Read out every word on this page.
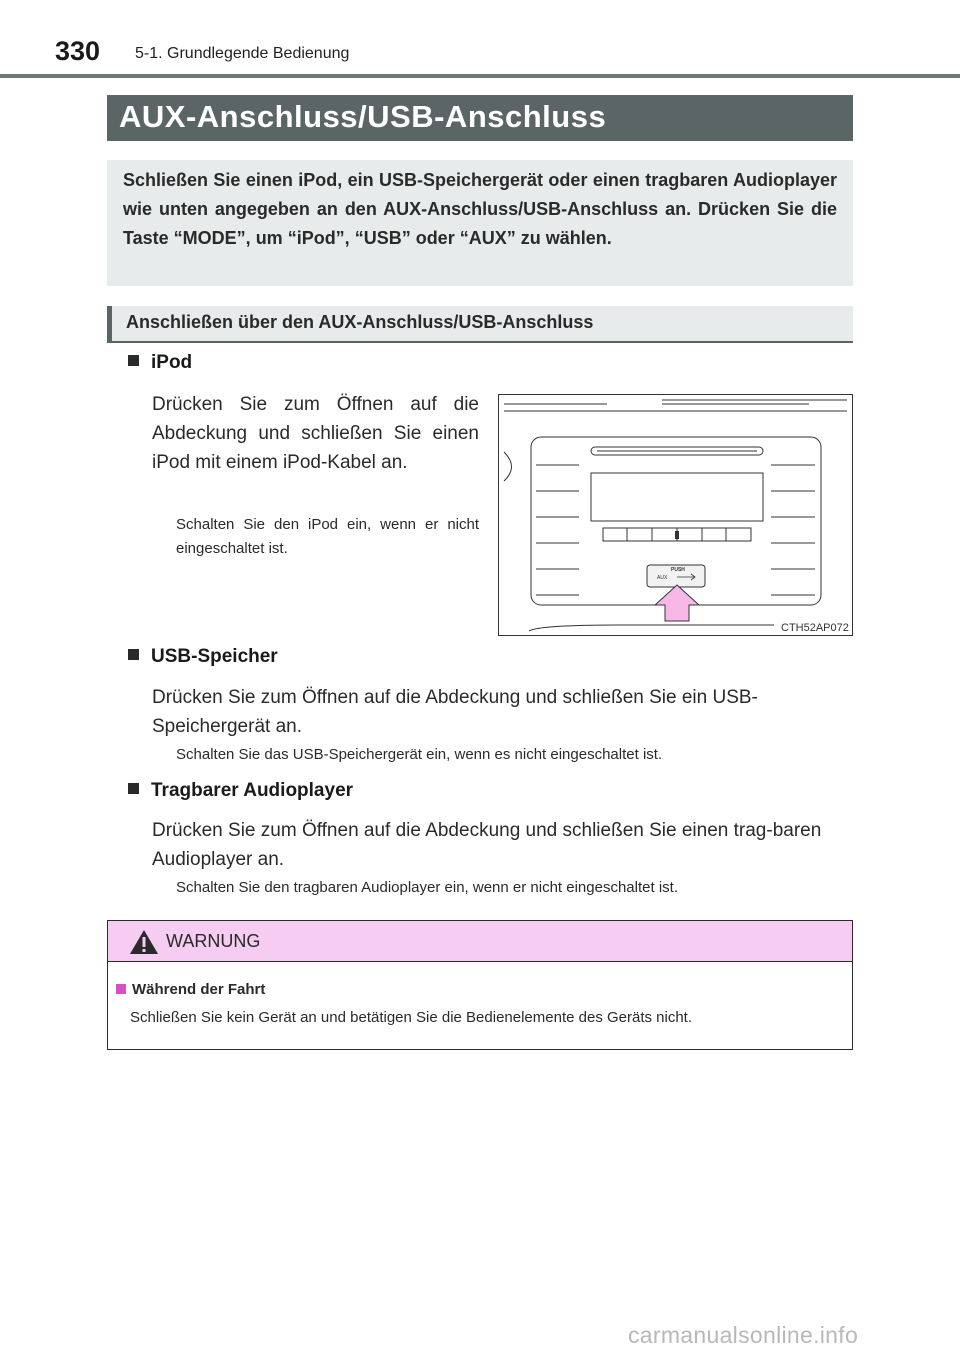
330 5-1. Grundlegende Bedienung
AUX-Anschluss/USB-Anschluss

Schließen Sie einen iPod, ein USB-Speichergerät oder einen tragbaren Audioplayer wie unten angegeben an den AUX-Anschluss/USB-Anschluss an. Drücken Sie die Taste “MODE”, um “iPod”, “USB” oder “AUX” zu wählen.

Anschließen über den AUX-Anschluss/USB-Anschluss
iPod
Drücken Sie zum Öffnen auf die Abdeckung und schließen Sie einen iPod mit einem iPod-Kabel an.
Schalten Sie den iPod ein, wenn er nicht eingeschaltet ist.
PUSH
AUX
CTH52AP072
USB-Speicher
Drücken Sie zum Öffnen auf die Abdeckung und schließen Sie ein USB-Speichergerät an.
Schalten Sie das USB-Speichergerät ein, wenn es nicht eingeschaltet ist.
Tragbarer Audioplayer
Drücken Sie zum Öffnen auf die Abdeckung und schließen Sie einen trag-baren Audioplayer an.
Schalten Sie den tragbaren Audioplayer ein, wenn er nicht eingeschaltet ist.
WARNUNG
Während der Fahrt
Schließen Sie kein Gerät an und betätigen Sie die Bedienelemente des Geräts nicht.
carmanualsonline.info
